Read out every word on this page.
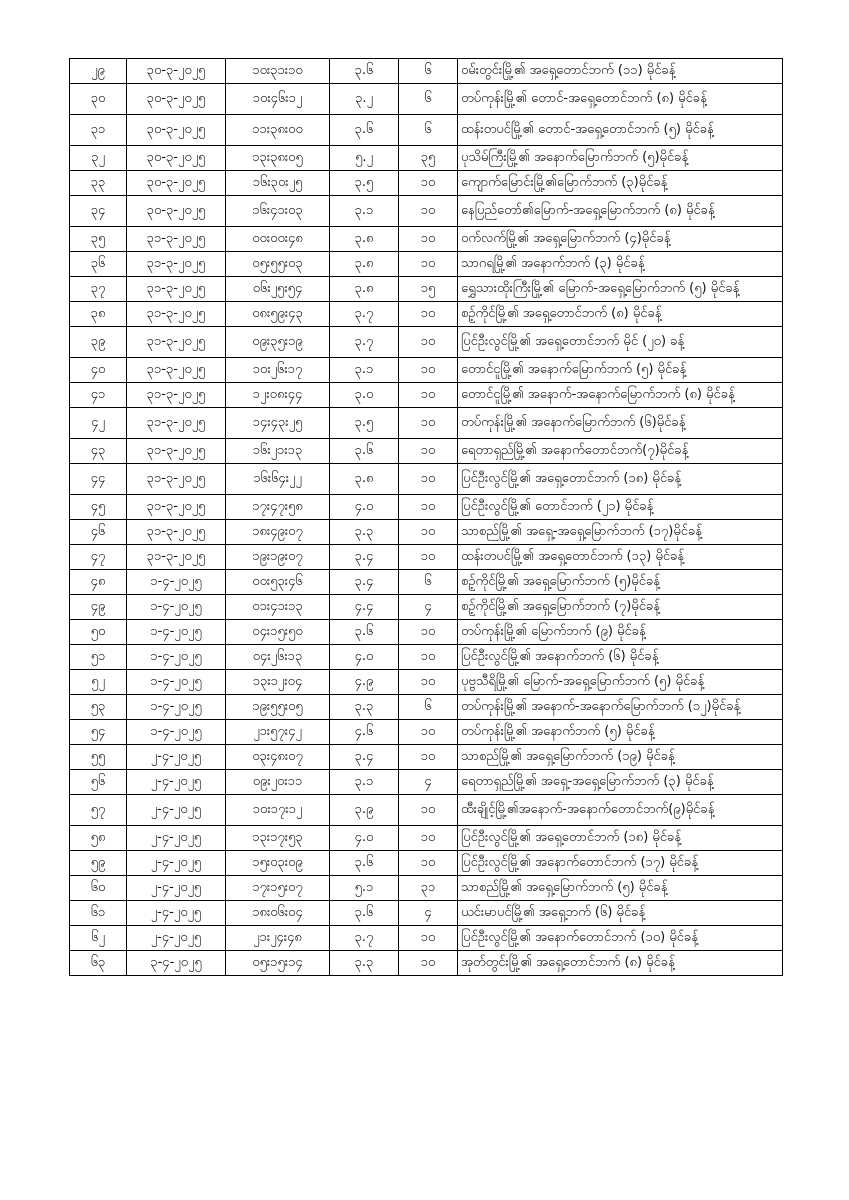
၂၉	၃၀-၃-၂၀၂၅	၁၀း၃၁း၁၀	၃.၆	၆	ဝမ်းတွင်းမြို့၏ အရှေ့တောင်ဘက် (၁၁) မိုင်ခန့်
၃၀	၃၀-၃-၂၀၂၅	၁၀း၄၆း၁၂	၃.၂	၆	တပ်ကုန်းမြို့၏ တောင်-အရှေ့တောင်ဘက် (၈) မိုင်ခန့်
၃၁	၃၀-၃-၂၀၂၅	၁၁း၃၈း၀၀	၃.၆	၆	ထန်းတပင်မြို့၏ တောင်-အရှေ့တောင်ဘက် (၅) မိုင်ခန့်
၃၂	၃၀-၃-၂၀၂၅	၁၃း၃၈း၀၅	၅.၂	၃၅	ပုသိမ်ကြီးမြို့၏ အနောက်မြောက်ဘက် (၅)မိုင်ခန့်
၃၃	၃၀-၃-၂၀၂၅	၁၆း၃၀း၂၅	၃.၅	၁၀	ကျောက်မြောင်းမြို့၏မြောက်ဘက် (၃)မိုင်ခန့်
၃၄	၃၀-၃-၂၀၂၅	၁၆း၄၁း၀၃	၃.၁	၁၀	နေပြည်တော်၏မြောက်-အရှေ့မြောက်ဘက် (၈) မိုင်ခန့်
၃၅	၃၁-၃-၂၀၂၅	၀၀း၀၀း၄၈	၃.၈	၁၀	ဝက်လက်မြို့၏ အရှေ့မြောက်ဘက် (၄)မိုင်ခန့်
၃၆	၃၁-၃-၂၀၂၅	၀၅း၅၅း၀၃	၃.၈	၁၀	သာဂရမြို့၏ အနောက်ဘက် (၃) မိုင်ခန့်
၃၇	၃၁-၃-၂၀၂၅	၀၆း၂၅း၅၄	၃.၈	၁၅	ရွှေသားထိုးကြီးမြို့၏ မြောက်-အရှေ့မြောက်ဘက် (၅) မိုင်ခန့်
၃၈	၃၁-၃-၂၀၂၅	၀၈း၅၉း၄၃	၃.၇	၁၀	စဉ့်ကိုင်မြို့၏ အရှေ့တောင်ဘက် (၈) မိုင်ခန့်
၃၉	၃၁-၃-၂၀၂၅	၀၉း၃၅း၁၉	၃.၇	၁၀	ပြင်ဦးလွင်မြို့၏ အရှေ့တောင်ဘက် မိုင် (၂၀) ခန့်
၄၀	၃၁-၃-၂၀၂၅	၁၀း၂၆း၁၇	၃.၁	၁၀	တောင်ငူမြို့၏ အနောက်မြောက်ဘက် (၅) မိုင်ခန့်
၄၁	၃၁-၃-၂၀၂၅	၁၂း၀၈း၄၄	၃.၀	၁၀	တောင်ငူမြို့၏ အနောက်-အနောက်မြောက်ဘက် (၈) မိုင်ခန့်
၄၂	၃၁-၃-၂၀၂၅	၁၄း၄၃း၂၅	၃.၅	၁၀	တပ်ကုန်းမြို့၏ အနောက်မြောက်ဘက် (၆)မိုင်ခန့်
၄၃	၃၁-၃-၂၀၂၅	၁၆း၂၁း၁၃	၃.၆	၁၀	ရေတာရှည်မြို့၏ အနောက်တောင်ဘက်(၇)မိုင်ခန့်
၄၄	၃၁-၃-၂၀၂၅	၁၆း၆၄း၂၂	၃.၈	၁၀	ပြင်ဦးလွင်မြို့၏ အရှေ့တောင်ဘက် (၁၈) မိုင်ခန့်
၄၅	၃၁-၃-၂၀၂၅	၁၇း၄၇း၅၈	၄.၀	၁၀	ပြင်ဦးလွင်မြို့၏ တောင်ဘက် (၂၁) မိုင်ခန့်
၄၆	၃၁-၃-၂၀၂၅	၁၈း၄၉း၀၇	၃.၃	၁၀	သာစည်မြို့၏ အရှေ့-အရှေ့မြောက်ဘက် (၁၇)မိုင်ခန့်
၄၇	၃၁-၃-၂၀၂၅	၁၉း၁၉း၀၇	၃.၄	၁၀	ထန်းတပင်မြို့၏ အရှေ့တောင်ဘက် (၁၃) မိုင်ခန့်
၄၈	၁-၄-၂၀၂၅	၀၀း၅၃း၄၆	၃.၄	၆	စဉ့်ကိုင်မြို့၏ အရှေ့မြောက်ဘက် (၅)မိုင်ခန့်
၄၉	၁-၄-၂၀၂၅	၀၁း၄၁း၁၃	၄.၄	၄	စဉ့်ကိုင်မြို့၏ အရှေ့မြောက်ဘက် (၇)မိုင်ခန့်
၅၀	၁-၄-၂၀၂၅	၀၄း၁၅း၅၀	၃.၆	၁၀	တပ်ကုန်းမြို့၏ မြောက်ဘက် (၉) မိုင်ခန့်
၅၁	၁-၄-၂၀၂၅	၀၄း၂၆း၁၃	၄.၀	၁၀	ပြင်ဦးလွင်မြို့၏ အနောက်ဘက် (၆) မိုင်ခန့်
၅၂	၁-၄-၂၀၂၅	၁၃း၁၂း၀၄	၄.၉	၁၀	ပုဗ္ဗသီရိမြို့၏ မြောက်-အရှေ့မြောက်ဘက် (၅) မိုင်ခန့်
၅၃	၁-၄-၂၀၂၅	၁၉း၅၅း၀၅	၃.၃	၆	တပ်ကုန်းမြို့၏ အနောက်-အနောက်မြောက်ဘက် (၁၂)မိုင်ခန့်
၅၄	၁-၄-၂၀၂၅	၂၁း၅၇း၄၂	၄.၆	၁၀	တပ်ကုန်းမြို့၏ အနောက်ဘက် (၅) မိုင်ခန့်
၅၅	၂-၄-၂၀၂၅	၀၃း၄၈း၀၇	၃.၄	၁၀	သာစည်မြို့၏ အရှေ့မြောက်ဘက် (၁၉) မိုင်ခန့်
၅၆	၂-၄-၂၀၂၅	၀၉း၂၀း၁၁	၃.၁	၄	ရေတာရှည်မြို့၏ အရှေ့-အရှေ့မြောက်ဘက် (၃) မိုင်ခန့်
၅၇	၂-၄-၂၀၂၅	၁၀း၁၇း၁၂	၃.၉	၁၀	ထီးချိုင့်မြို့၏အနောက်-အနောက်တောင်ဘက်(၉)မိုင်ခန့်
၅၈	၂-၄-၂၀၂၅	၁၃း၁၇း၅၃	၄.၀	၁၀	ပြင်ဦးလွင်မြို့၏ အရှေ့တောင်ဘက် (၁၈) မိုင်ခန့်
၅၉	၂-၄-၂၀၂၅	၁၅း၀၃း၀၉	၃.၆	၁၀	ပြင်ဦးလွင်မြို့၏ အနောက်တောင်ဘက် (၁၇) မိုင်ခန့်
၆၀	၂-၄-၂၀၂၅	၁၇း၁၅း၀၇	၅.၁	၃၁	သာစည်မြို့၏ အရှေ့မြောက်ဘက် (၅) မိုင်ခန့်
၆၁	၂-၄-၂၀၂၅	၁၈း၀၆း၀၄	၃.၆	၄	ယင်းမာပင်မြို့၏ အရှေ့ဘက် (၆) မိုင်ခန့်
၆၂	၂-၄-၂၀၂၅	၂၁း၂၄း၄၈	၃.၇	၁၀	ပြင်ဦးလွင်မြို့၏ အနောက်တောင်ဘက် (၁၀) မိုင်ခန့်
၆၃	၃-၄-၂၀၂၅	၀၅း၁၅း၁၄	၃.၃	၁၀	အုတ်တွင်းမြို့၏ အရှေ့တောင်ဘက် (၈) မိုင်ခန့်
